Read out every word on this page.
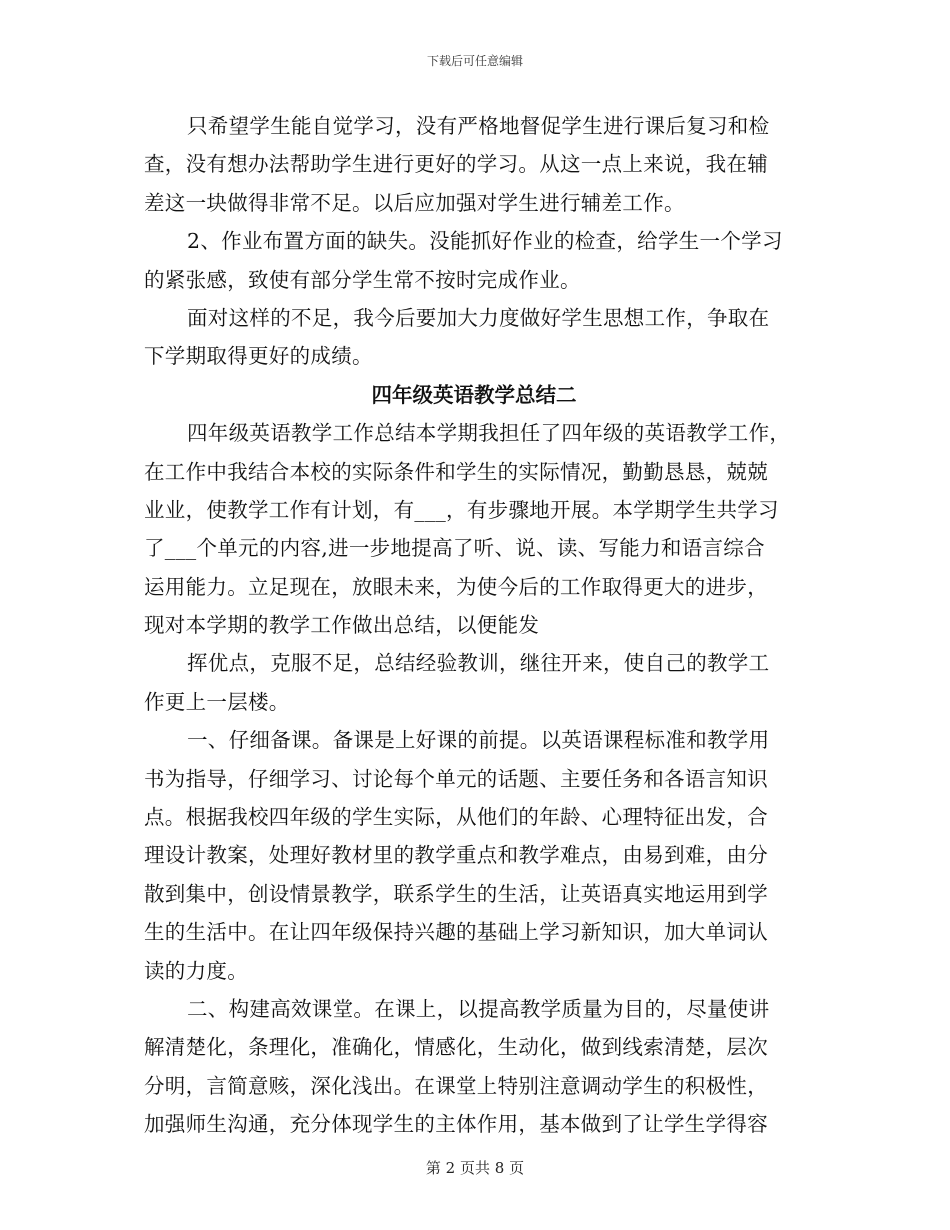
下载后可任意编辑
只希望学生能自觉学习，没有严格地督促学生进行课后复习和检
查，没有想办法帮助学生进行更好的学习。从这一点上来说，我在辅
差这一块做得非常不足。以后应加强对学生进行辅差工作。
2、作业布置方面的缺失。没能抓好作业的检查，给学生一个学习
的紧张感，致使有部分学生常不按时完成作业。
面对这样的不足，我今后要加大力度做好学生思想工作，争取在
下学期取得更好的成绩。
四年级英语教学总结二
四年级英语教学工作总结本学期我担任了四年级的英语教学工作，
在工作中我结合本校的实际条件和学生的实际情况，勤勤恳恳，兢兢
业业，使教学工作有计划，有___，有步骤地开展。本学期学生共学习
了___个单元的内容,进一步地提高了听、说、读、写能力和语言综合
运用能力。立足现在，放眼未来，为使今后的工作取得更大的进步，
现对本学期的教学工作做出总结，以便能发
挥优点，克服不足，总结经验教训，继往开来，使自己的教学工
作更上一层楼。
一、仔细备课。备课是上好课的前提。以英语课程标准和教学用
书为指导，仔细学习、讨论每个单元的话题、主要任务和各语言知识
点。根据我校四年级的学生实际，从他们的年龄、心理特征出发，合
理设计教案，处理好教材里的教学重点和教学难点，由易到难，由分
散到集中，创设情景教学，联系学生的生活，让英语真实地运用到学
生的生活中。在让四年级保持兴趣的基础上学习新知识，加大单词认
读的力度。
二、构建高效课堂。在课上，以提高教学质量为目的，尽量使讲
解清楚化，条理化，准确化，情感化，生动化，做到线索清楚，层次
分明，言简意赅，深化浅出。在课堂上特别注意调动学生的积极性，
加强师生沟通，充分体现学生的主体作用，基本做到了让学生学得容
第 2 页共 8 页
